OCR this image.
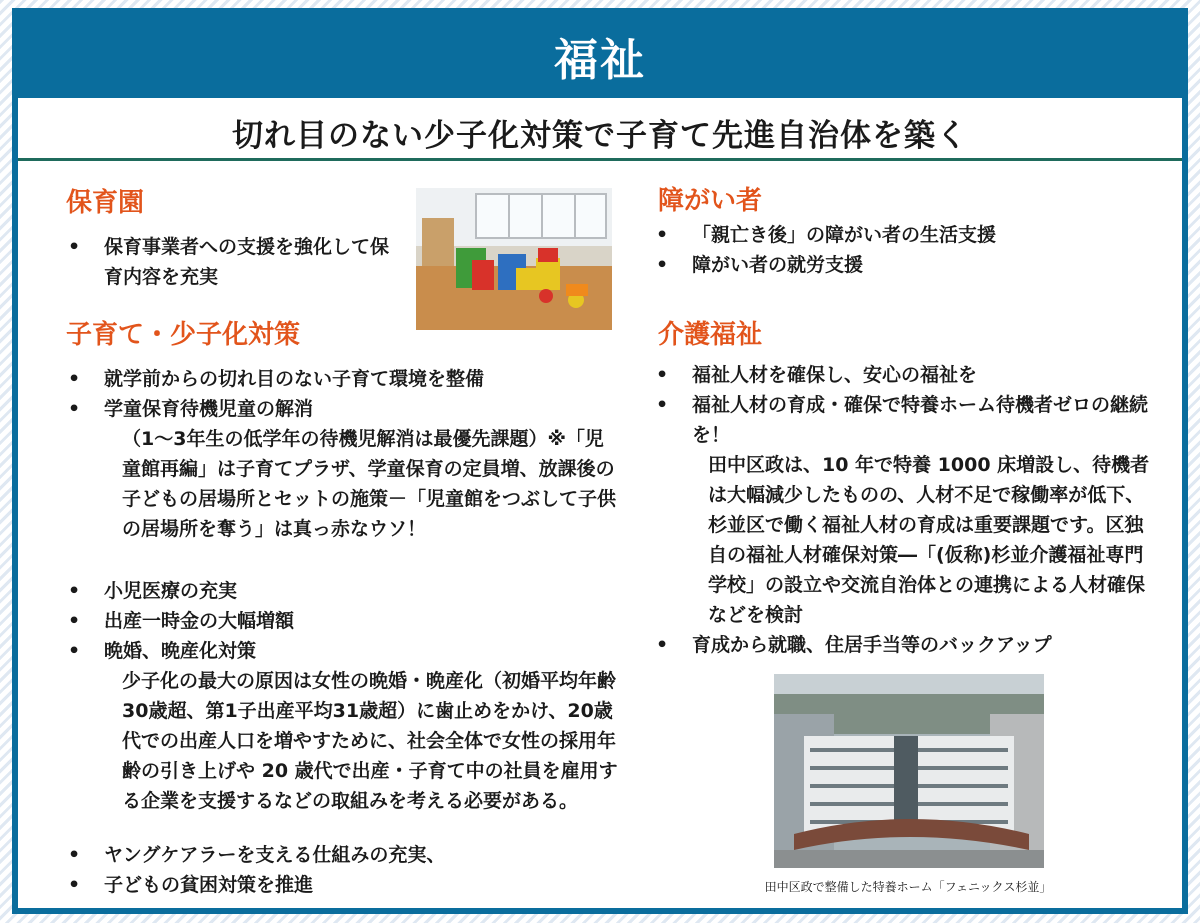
福祉
切れ目のない少子化対策で子育て先進自治体を築く
保育園
• 保育事業者への支援を強化して保育内容を充実
子育て・少子化対策
• 就学前からの切れ目のない子育て環境を整備
• 学童保育待機児童の解消

（1～3年生の低学年の待機児解消は最優先課題）※「児童館再編」は子育てプラザ、学童保育の定員増、放課後の子どもの居場所とセットの施策－「児童館をつぶして子供の居場所を奪う」は真っ赤なウソ！

• 小児医療の充実
• 出産一時金の大幅増額
• 晩婚、晩産化対策

少子化の最大の原因は女性の晩婚・晩産化（初婚平均年齢30歳超、第1子出産平均31歳超）に歯止めをかけ、20歳代での出産人口を増やすために、社会全体で女性の採用年齢の引き上げや 20 歳代で出産・子育て中の社員を雇用する企業を支援するなどの取組みを考える必要がある。

• ヤングケアラーを支える仕組みの充実、
• 子どもの貧困対策を推進
障がい者
• 「親亡き後」の障がい者の生活支援
• 障がい者の就労支援
介護福祉
• 福祉人材を確保し、安心の福祉を
• 福祉人材の育成・確保で特養ホーム待機者ゼロの継続を！

田中区政は、10 年で特養 1000 床増設し、待機者は大幅減少したものの、人材不足で稼働率が低下、杉並区で働く福祉人材の育成は重要課題です。区独自の福祉人材確保対策―「(仮称)杉並介護福祉専門学校」の設立や交流自治体との連携による人材確保などを検討

• 育成から就職、住居手当等のバックアップ
田中区政で整備した特養ホーム「フェニックス杉並」
